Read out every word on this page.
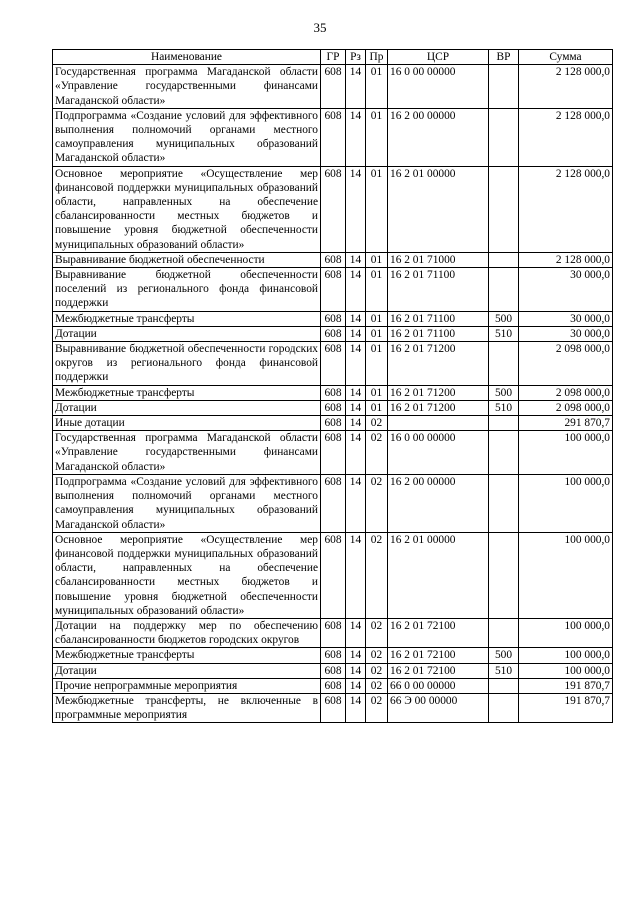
35
Наименование	ГР	Рз	Пр	ЦСР	ВР	Сумма
Государственная программа Магаданской области «Управление государственными финансами Магаданской области»	608	14	01	16 0 00 00000		2 128 000,0
Подпрограмма «Создание условий для эффективного выполнения полномочий органами местного самоуправления муниципальных образований Магаданской области»	608	14	01	16 2 00 00000		2 128 000,0
Основное мероприятие «Осуществление мер финансовой поддержки муниципальных образований области, направленных на обеспечение сбалансированности местных бюджетов и повышение уровня бюджетной обеспеченности муниципальных образований области»	608	14	01	16 2 01 00000		2 128 000,0
Выравнивание бюджетной обеспеченности	608	14	01	16 2 01 71000		2 128 000,0
Выравнивание бюджетной обеспеченности поселений из регионального фонда финансовой поддержки	608	14	01	16 2 01 71100		30 000,0
Межбюджетные трансферты	608	14	01	16 2 01 71100	500	30 000,0
Дотации	608	14	01	16 2 01 71100	510	30 000,0
Выравнивание бюджетной обеспеченности городских округов из регионального фонда финансовой поддержки	608	14	01	16 2 01 71200		2 098 000,0
Межбюджетные трансферты	608	14	01	16 2 01 71200	500	2 098 000,0
Дотации	608	14	01	16 2 01 71200	510	2 098 000,0
Иные дотации	608	14	02			291 870,7
Государственная программа Магаданской области «Управление государственными финансами Магаданской области»	608	14	02	16 0 00 00000		100 000,0
Подпрограмма «Создание условий для эффективного выполнения полномочий органами местного самоуправления муниципальных образований Магаданской области»	608	14	02	16 2 00 00000		100 000,0
Основное мероприятие «Осуществление мер финансовой поддержки муниципальных образований области, направленных на обеспечение сбалансированности местных бюджетов и повышение уровня бюджетной обеспеченности муниципальных образований области»	608	14	02	16 2 01 00000		100 000,0
Дотации на поддержку мер по обеспечению сбалансированности бюджетов городских округов	608	14	02	16 2 01 72100		100 000,0
Межбюджетные трансферты	608	14	02	16 2 01 72100	500	100 000,0
Дотации	608	14	02	16 2 01 72100	510	100 000,0
Прочие непрограммные мероприятия	608	14	02	66 0 00 00000		191 870,7
Межбюджетные трансферты, не включенные в программные мероприятия	608	14	02	66 Э 00 00000		191 870,7
